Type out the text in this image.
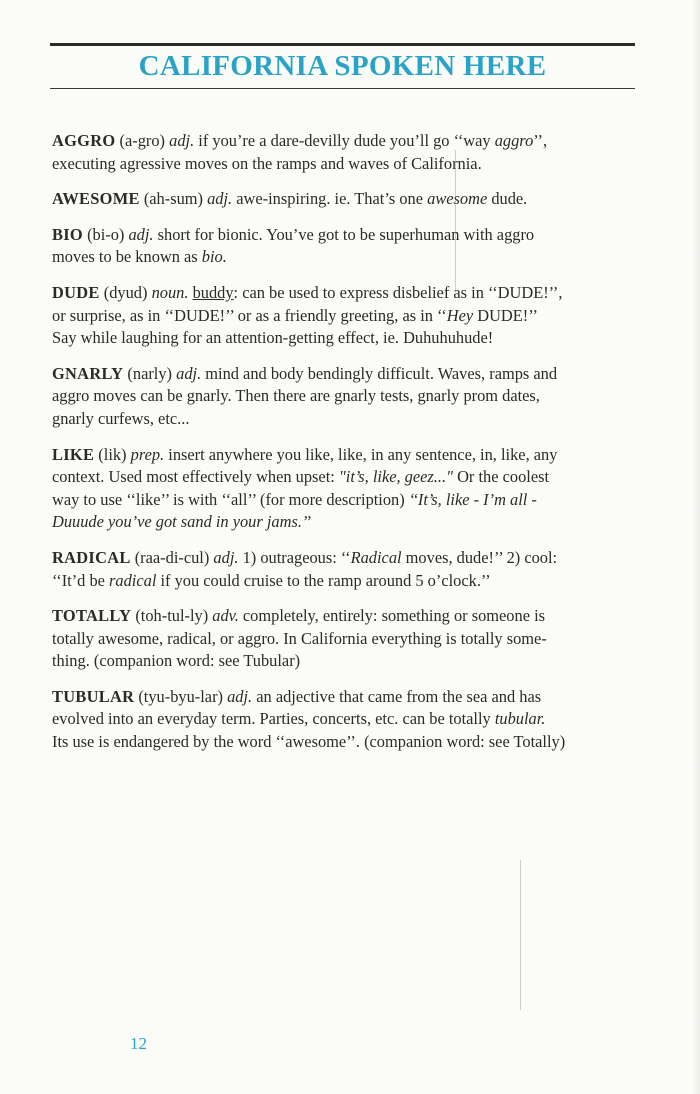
CALIFORNIA SPOKEN HERE
AGGRO (a-gro) adj. if you’re a dare-devilly dude you’ll go ‘‘way aggro’’,
executing agressive moves on the ramps and waves of California.
AWESOME (ah-sum) adj. awe-inspiring. ie. That’s one awesome dude.
BIO (bi-o) adj. short for bionic. You’ve got to be superhuman with aggro
moves to be known as bio.
DUDE (dyud) noun. buddy: can be used to express disbelief as in ‘‘DUDE!’’,
or surprise, as in ‘‘DUDE!’’ or as a friendly greeting, as in ‘‘Hey DUDE!’’
Say while laughing for an attention-getting effect, ie. Duhuhuhude!
GNARLY (narly) adj. mind and body bendingly difficult. Waves, ramps and
aggro moves can be gnarly. Then there are gnarly tests, gnarly prom dates,
gnarly curfews, etc...
LIKE (lik) prep. insert anywhere you like, like, in any sentence, in, like, any
context. Used most effectively when upset: "it’s, like, geez..." Or the coolest
way to use ‘‘like’’ is with ‘‘all’’ (for more description) ‘‘It’s, like - I’m all -
Duuude you’ve got sand in your jams.’’
RADICAL (raa-di-cul) adj. 1) outrageous: ‘‘Radical moves, dude!’’ 2) cool:
‘‘It’d be radical if you could cruise to the ramp around 5 o’clock.’’
TOTALLY (toh-tul-ly) adv. completely, entirely: something or someone is
totally awesome, radical, or aggro. In California everything is totally some-
thing. (companion word: see Tubular)
TUBULAR (tyu-byu-lar) adj. an adjective that came from the sea and has
evolved into an everyday term. Parties, concerts, etc. can be totally tubular.
Its use is endangered by the word ‘‘awesome’’. (companion word: see Totally)
12
